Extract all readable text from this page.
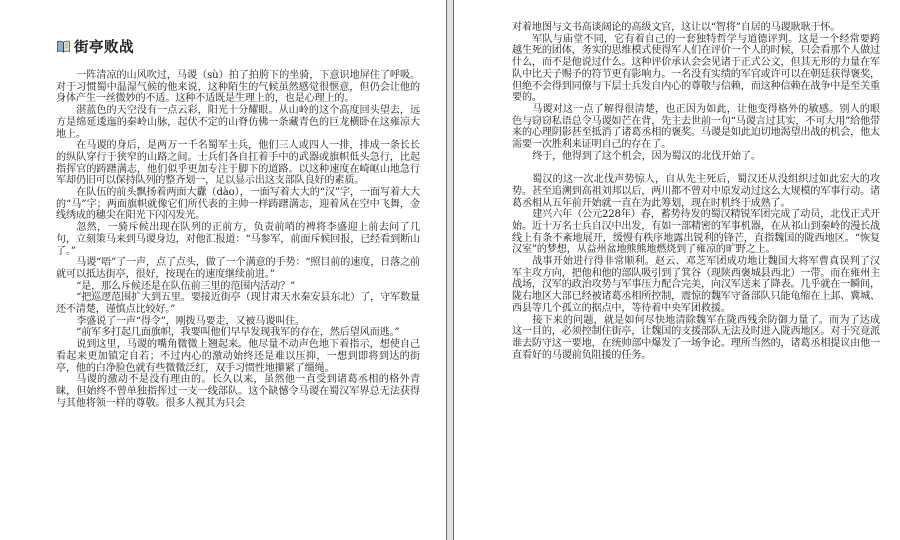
街亭败战

一阵清凉的山风吹过，马谡（sù）拍了拍胯下的坐骑，下意识地屏住了呼吸。对于习惯蜀中温湿气候的他来说，这种陌生的气候虽然感觉很惬意，但仍会让他的身体产生一丝微妙的不适。这种不适既是生理上的，也是心理上的。

湛蓝色的天空没有一点云彩，阳光十分耀眼。从山岭的这个高度回头望去，远方是绵延逶迤的秦岭山脉，起伏不定的山脊仿佛一条藏青色的巨龙横卧在这雍凉大地上。

在马谡的身后，是两万一千名蜀军士兵，他们三人或四人一排，排成一条长长的纵队穿行于狭窄的山路之间。士兵们各自扛着手中的武器或旗帜低头急行，比起指挥官的踌躇满志，他们似乎更加专注于脚下的道路。以这种速度在崎岖山地急行军却仍旧可以保持队列的整齐划一，足以显示出这支部队良好的素质。

在队伍的前头飘扬着两面大纛（dào），一面写着大大的“汉”字，一面写着大大的“马”字；两面旗帜就像它们所代表的主帅一样踌躇满志，迎着风在空中飞舞，金线绣成的穗尖在阳光下闪闪发光。

忽然，一骑斥候出现在队列的正前方，负责前哨的裨将李盛迎上前去问了几句，立刻策马来到马谡身边，对他汇报道：“马参军，前面斥候回报，已经看到断山了。”

马谡“唔”了一声，点了点头，做了一个满意的手势：“照目前的速度，日落之前就可以抵达街亭，很好，按现在的速度继续前进。”

“是，那么斥候还是在队伍前三里的范围内活动？”

“把巡逻范围扩大到五里。要接近街亭（现甘肃天水秦安县东北）了，守军数量还不清楚，谨慎点比较好。”

李盛说了一声“得令”，刚拨马要走，又被马谡叫住。

“前军多打起几面旗帜，我要叫他们早早发现我军的存在，然后望风而逃。”

说到这里，马谡的嘴角微微上翘起来。他尽量不动声色地下着指示，想使自己看起来更加镇定自若；不过内心的激动始终还是难以压抑，一想到即将到达的街亭，他的白净脸色就有些微微泛红，双手习惯性地攥紧了缰绳。

马谡的激动不是没有理由的。长久以来，虽然他一直受到诸葛丞相的格外青睐，但始终不曾单独指挥过一支一线部队。这个缺憾令马谡在蜀汉军界总无法获得与其他将领一样的尊敬。很多人视其为只会

对着地图与文书高谈阔论的高级文官，这让以“智将”自居的马谡耿耿于怀。

军队与庙堂不同，它有着自己的一套独特哲学与道德评判。这是一个经常要跨越生死的团体，务实的思维模式使得军人们在评价一个人的时候，只会看那个人做过什么，而不是他说过什么。这种评价承认会会见诸于正式公文，但其无形的力量在军队中比天子赐予的符节更有影响力。一名没有实绩的军官或许可以在朝廷获得褒奖，但绝不会得到同僚与下层士兵发自内心的尊敬与信赖，而这种信赖在战争中是至关重要的。

马谡对这一点了解得很清楚，也正因为如此，让他变得格外的敏感。别人的眼色与窃窃私语总令马谡如芒在背，先主去世前一句“马谡言过其实，不可大用”给他带来的心理阴影甚至抵消了诸葛丞相的褒奖。马谡是如此迫切地渴望出战的机会，他太需要一次胜利来证明自己的存在了。

终于，他得到了这个机会，因为蜀汉的北伐开始了。

蜀汉的这一次北伐声势惊人，自从先主死后，蜀汉还从没组织过如此宏大的攻势。甚至追溯到高祖刘邦以后，两川都不曾对中原发动过这么大规模的军事行动。诸葛丞相从五年前开始就一直在为此筹划，现在时机终于成熟了。

建兴六年（公元228年）春，蓄势待发的蜀汉精锐军团完成了动员，北伐正式开始。近十万名士兵自汉中出发，有如一部精密的军事机器，在从祁山到秦岭的漫长战线上有条不紊地展开，缓慢有秩序地露出锐利的锋芒，直指魏国的陇西地区。“恢复汉室”的梦想，从益州盆地熊熊地燃烧到了雍凉的旷野之上。

战事开始进行得非常顺利。赵云、邓芝军团成功地让魏国大将军曹真误判了汉军主攻方向，把他和他的部队吸引到了箕谷（现陕西褒城县西北）一带。而在雍州主战场，汉军的政治攻势与军事压力配合完美，向汉军送来了降表。几乎就在一瞬间，陇右地区大部已经被诸葛丞相所控制，震惊的魏军守备部队只能龟缩在上邽、冀城、西县等几个孤立的据点中，等待着中央军团救援。

接下来的问题，就是如何尽快地清除魏军在陇西残余防御力量了。而为了达成这一目的，必须控制住街亭，让魏国的支援部队无法及时进入陇西地区。对于究竟派谁去防守这一要地，在统帅部中爆发了一场争论。理所当然的，诸葛丞相提议由他一直看好的马谡前负阻援的任务。
